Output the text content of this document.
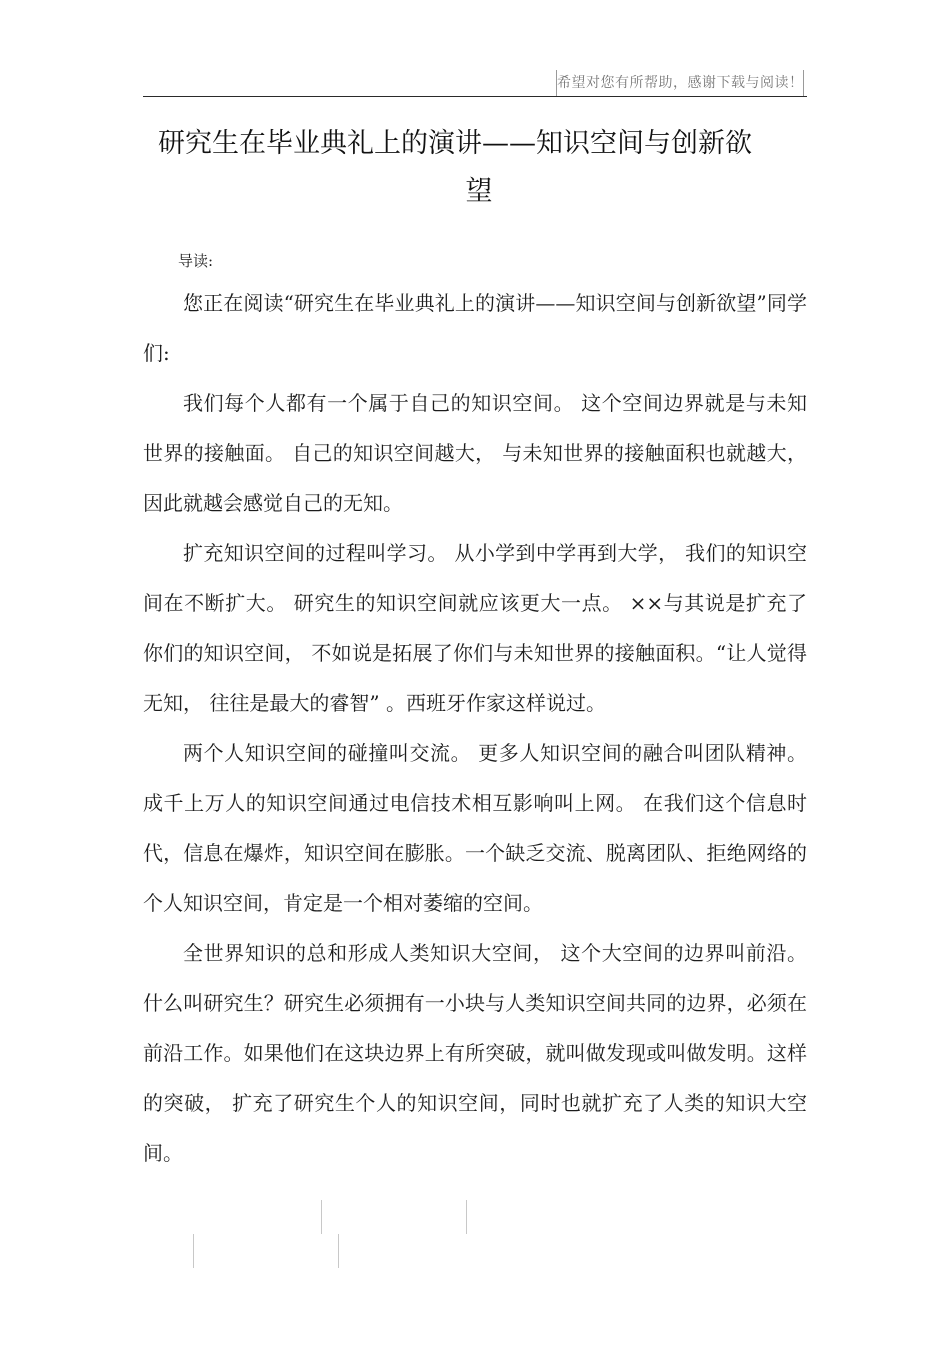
希望对您有所帮助，感谢下载与阅读！
研究生在毕业典礼上的演讲——知识空间与创新欲
望
导读:

您正在阅读“研究生在毕业典礼上的演讲——知识空间与创新欲望”同学们:

我们每个人都有一个属于自己的知识空间。 这个空间边界就是与未知世界的接触面。 自己的知识空间越大， 与未知世界的接触面积也就越大，因此就越会感觉自己的无知。

扩充知识空间的过程叫学习。 从小学到中学再到大学， 我们的知识空间在不断扩大。 研究生的知识空间就应该更大一点。 ××与其说是扩充了你们的知识空间， 不如说是拓展了你们与未知世界的接触面积。“让人觉得无知， 往往是最大的睿智” 。西班牙作家这样说过。

两个人知识空间的碰撞叫交流。 更多人知识空间的融合叫团队精神。成千上万人的知识空间通过电信技术相互影响叫上网。 在我们这个信息时代，信息在爆炸，知识空间在膨胀。一个缺乏交流、脱离团队、拒绝网络的个人知识空间，肯定是一个相对萎缩的空间。

全世界知识的总和形成人类知识大空间， 这个大空间的边界叫前沿。什么叫研究生？研究生必须拥有一小块与人类知识空间共同的边界，必须在前沿工作。如果他们在这块边界上有所突破，就叫做发现或叫做发明。这样的突破， 扩充了研究生个人的知识空间，同时也就扩充了人类的知识大空间。
